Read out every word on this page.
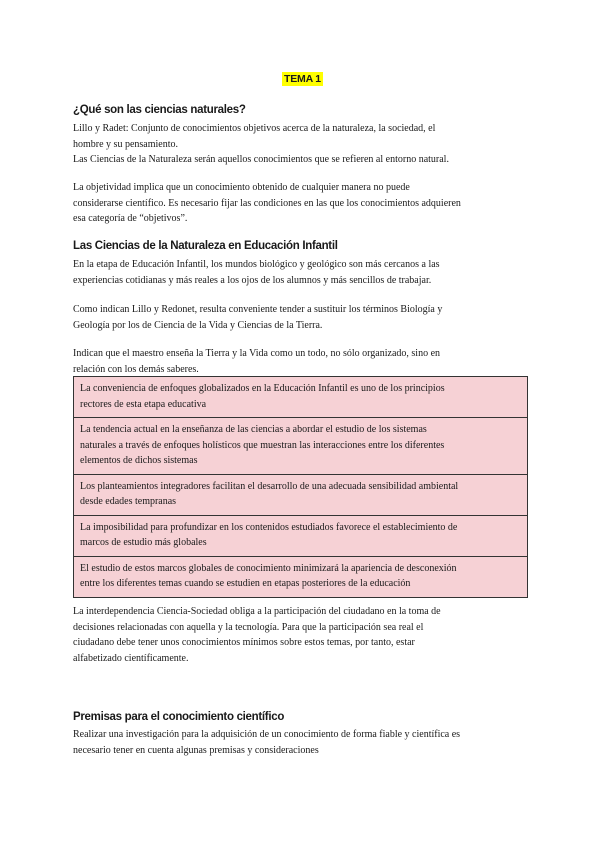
TEMA 1
¿Qué son las ciencias naturales?
Lillo y Radet: Conjunto de conocimientos objetivos acerca de la naturaleza, la sociedad, el
hombre y su pensamiento.
Las Ciencias de la Naturaleza serán aquellos conocimientos que se refieren al entorno natural.
La objetividad implica que un conocimiento obtenido de cualquier manera no puede
considerarse científico. Es necesario fijar las condiciones en las que los conocimientos adquieren
esa categoría de “objetivos”.
Las Ciencias de la Naturaleza en Educación Infantil
En la etapa de Educación Infantil, los mundos biológico y geológico son más cercanos a las
experiencias cotidianas y más reales a los ojos de los alumnos y más sencillos de trabajar.
Como indican Lillo y Redonet, resulta conveniente tender a sustituir los términos Biología y
Geología por los de Ciencia de la Vida y Ciencias de la Tierra.
Indican que el maestro enseña la Tierra y la Vida como un todo, no sólo organizado, sino en
relación con los demás saberes.
La conveniencia de enfoques globalizados en la Educación Infantil es uno de los principios
rectores de esta etapa educativa
La tendencia actual en la enseñanza de las ciencias a abordar el estudio de los sistemas
naturales a través de enfoques holísticos que muestran las interacciones entre los diferentes
elementos de dichos sistemas
Los planteamientos integradores facilitan el desarrollo de una adecuada sensibilidad ambiental
desde edades tempranas
La imposibilidad para profundizar en los contenidos estudiados favorece el establecimiento de
marcos de estudio más globales
El estudio de estos marcos globales de conocimiento minimizará la apariencia de desconexión
entre los diferentes temas cuando se estudien en etapas posteriores de la educación
La interdependencia Ciencia-Sociedad obliga a la participación del ciudadano en la toma de
decisiones relacionadas con aquella y la tecnología. Para que la participación sea real el
ciudadano debe tener unos conocimientos mínimos sobre estos temas, por tanto, estar
alfabetizado científicamente.
Premisas para el conocimiento científico
Realizar una investigación para la adquisición de un conocimiento de forma fiable y científica es
necesario tener en cuenta algunas premisas y consideraciones
